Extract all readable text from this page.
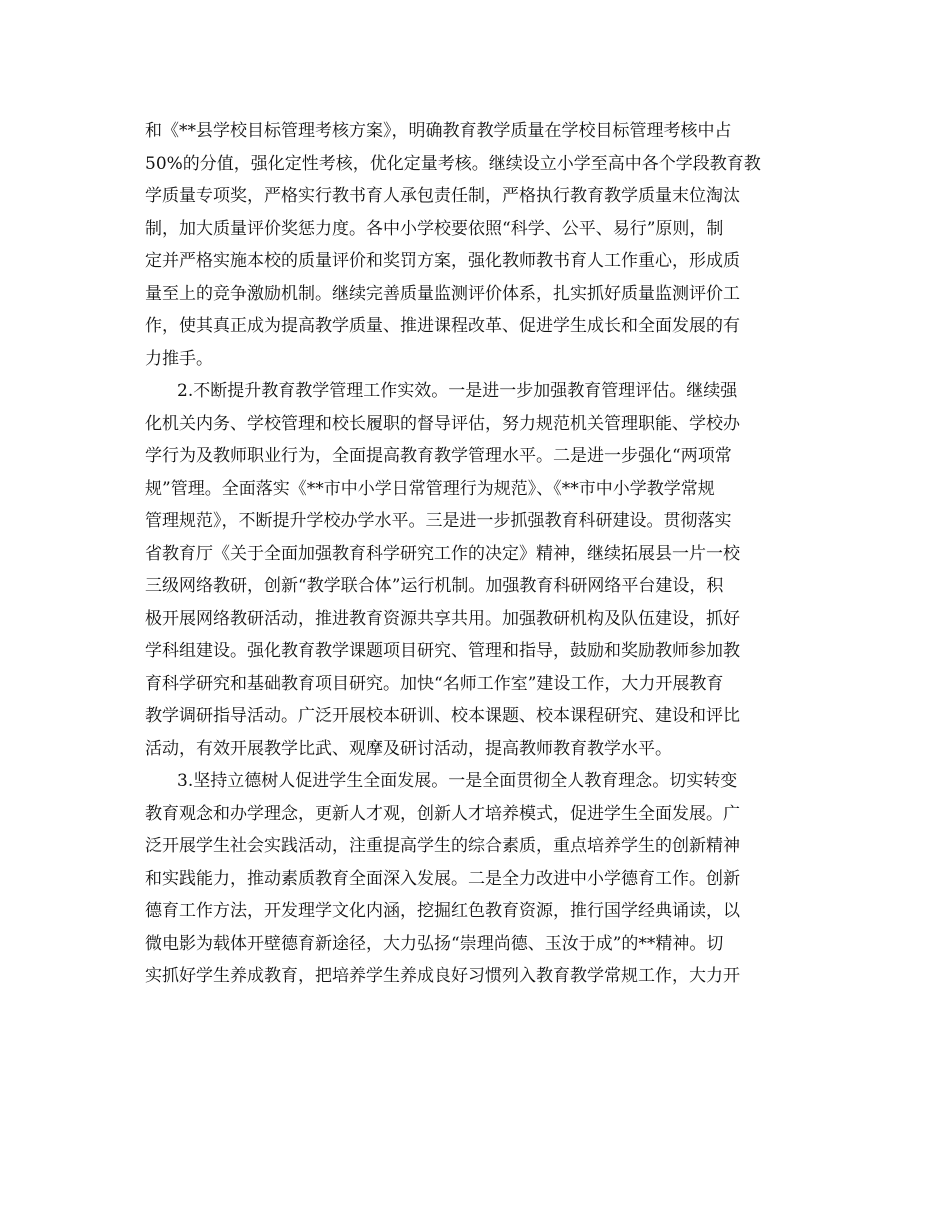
和《**县学校目标管理考核方案》，明确教育教学质量在学校目标管理考核中占
50%的分值，强化定性考核，优化定量考核。继续设立小学至高中各个学段教育教
学质量专项奖，严格实行教书育人承包责任制，严格执行教育教学质量末位淘汰
制，加大质量评价奖惩力度。各中小学校要依照“科学、公平、易行”原则，制
定并严格实施本校的质量评价和奖罚方案，强化教师教书育人工作重心，形成质
量至上的竞争激励机制。继续完善质量监测评价体系，扎实抓好质量监测评价工
作，使其真正成为提高教学质量、推进课程改革、促进学生成长和全面发展的有
力推手。
2.不断提升教育教学管理工作实效。一是进一步加强教育管理评估。继续强
化机关内务、学校管理和校长履职的督导评估，努力规范机关管理职能、学校办
学行为及教师职业行为，全面提高教育教学管理水平。二是进一步强化“两项常
规”管理。全面落实《**市中小学日常管理行为规范》、《**市中小学教学常规
管理规范》，不断提升学校办学水平。三是进一步抓强教育科研建设。贯彻落实
省教育厅《关于全面加强教育科学研究工作的决定》精神，继续拓展县一片一校
三级网络教研，创新“教学联合体”运行机制。加强教育科研网络平台建设，积
极开展网络教研活动，推进教育资源共享共用。加强教研机构及队伍建设，抓好
学科组建设。强化教育教学课题项目研究、管理和指导，鼓励和奖励教师参加教
育科学研究和基础教育项目研究。加快“名师工作室”建设工作，大力开展教育
教学调研指导活动。广泛开展校本研训、校本课题、校本课程研究、建设和评比
活动，有效开展教学比武、观摩及研讨活动，提高教师教育教学水平。
3.坚持立德树人促进学生全面发展。一是全面贯彻全人教育理念。切实转变
教育观念和办学理念，更新人才观，创新人才培养模式，促进学生全面发展。广
泛开展学生社会实践活动，注重提高学生的综合素质，重点培养学生的创新精神
和实践能力，推动素质教育全面深入发展。二是全力改进中小学德育工作。创新
德育工作方法，开发理学文化内涵，挖掘红色教育资源，推行国学经典诵读，以
微电影为载体开壁德育新途径，大力弘扬“崇理尚德、玉汝于成”的**精神。切
实抓好学生养成教育，把培养学生养成良好习惯列入教育教学常规工作，大力开
